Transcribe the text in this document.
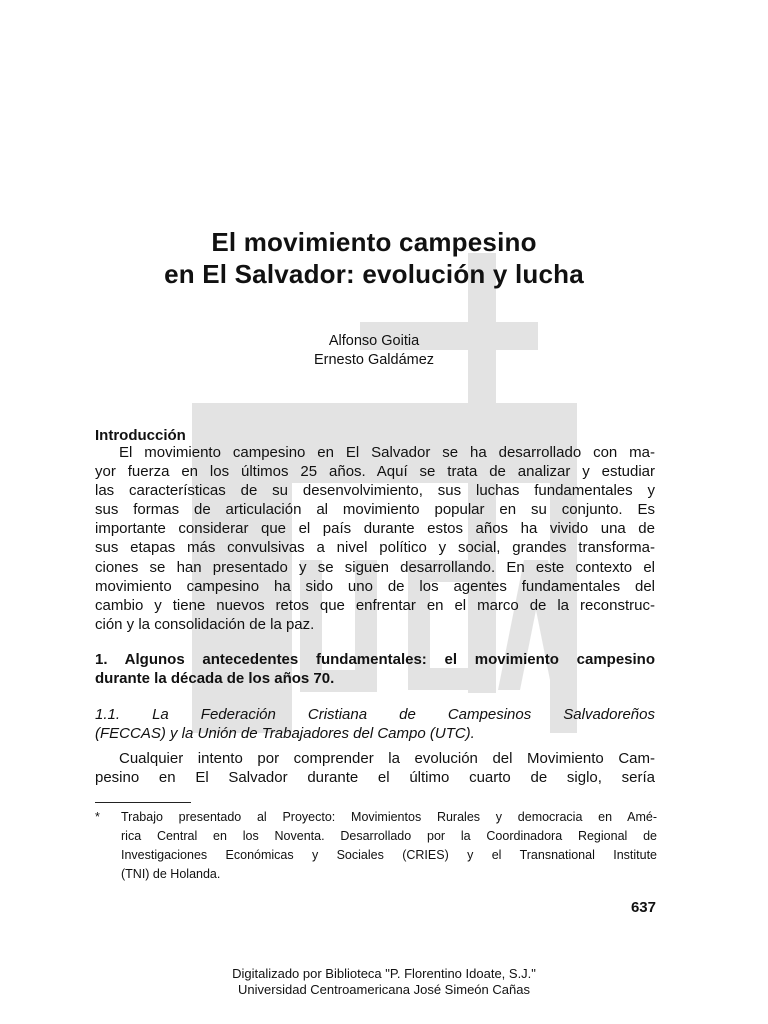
El movimiento campesino
en El Salvador: evolución y lucha
Alfonso Goitia
Ernesto Galdámez
Introducción
El movimiento campesino en El Salvador se ha desarrollado con ma-
yor fuerza en los últimos 25 años. Aquí se trata de analizar y estudiar
las características de su desenvolvimiento, sus luchas fundamentales y
sus formas de articulación al movimiento popular en su conjunto. Es
importante considerar que el país durante estos años ha vivido una de
sus etapas más convulsivas a nivel político y social, grandes transforma-
ciones se han presentado y se siguen desarrollando. En este contexto el
movimiento campesino ha sido uno de los agentes fundamentales del
cambio y tiene nuevos retos que enfrentar en el marco de la reconstruc-
ción y la consolidación de la paz.
1. Algunos antecedentes fundamentales: el movimiento campesino
durante la década de los años 70.
1.1. La Federación Cristiana de Campesinos Salvadoreños
(FECCAS) y la Unión de Trabajadores del Campo (UTC).
Cualquier intento por comprender la evolución del Movimiento Cam-
pesino en El Salvador durante el último cuarto de siglo, sería
* Trabajo presentado al Proyecto: Movimientos Rurales y democracia en Amé-
rica Central en los Noventa. Desarrollado por la Coordinadora Regional de
Investigaciones Económicas y Sociales (CRIES) y el Transnational Institute
(TNI) de Holanda.
637
Digitalizado por Biblioteca "P. Florentino Idoate, S.J."
Universidad Centroamericana José Simeón Cañas
